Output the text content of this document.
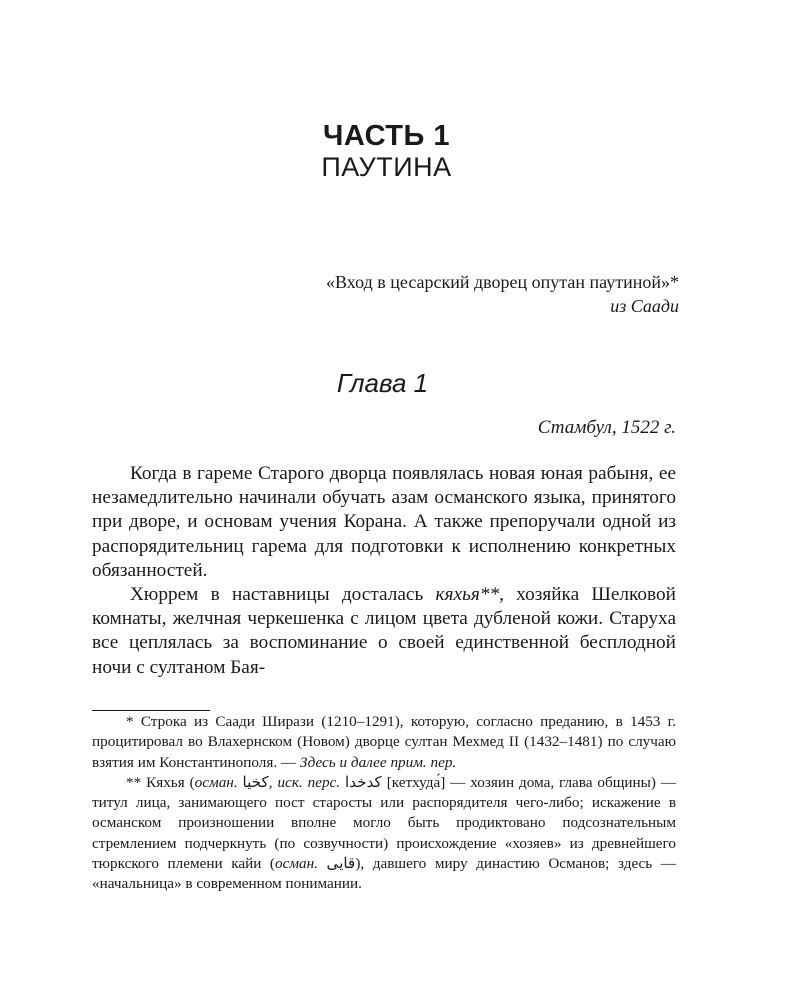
ЧАСТЬ 1
ПАУТИНА
«Вход в цесарский дворец опутан паутиной»*
из Саади
Глава 1
Стамбул, 1522 г.

Когда в гареме Старого дворца появлялась новая юная рабыня, ее незамедлительно начинали обучать азам османского языка, принятого при дворе, и основам учения Корана. А также препоручали одной из распорядительниц гарема для подготовки к исполнению конкретных обязанностей.

Хюррем в наставницы досталась кяхья**, хозяйка Шелковой комнаты, желчная черкешенка с лицом цвета дубленой кожи. Старуха все цеплялась за воспоминание о своей единственной бесплодной ночи с султаном Бая-

* Строка из Саади Ширази (1210–1291), которую, согласно преданию, в 1453 г. процитировал во Влахернском (Новом) дворце султан Мехмед II (1432–1481) по случаю взятия им Константинополя. — Здесь и далее прим. пер.

** Кяхья (осман. كخيا, иск. перс. كدخدا [кетхуда́] — хозяин дома, глава общины) — титул лица, занимающего пост старосты или распорядителя чего-либо; искажение в османском произношении вполне могло быть продиктовано подсознательным стремлением подчеркнуть (по созвучности) происхождение «хозяев» из древнейшего тюркского племени кайи (осман. قايى), давшего миру династию Османов; здесь — «начальница» в современном понимании.
